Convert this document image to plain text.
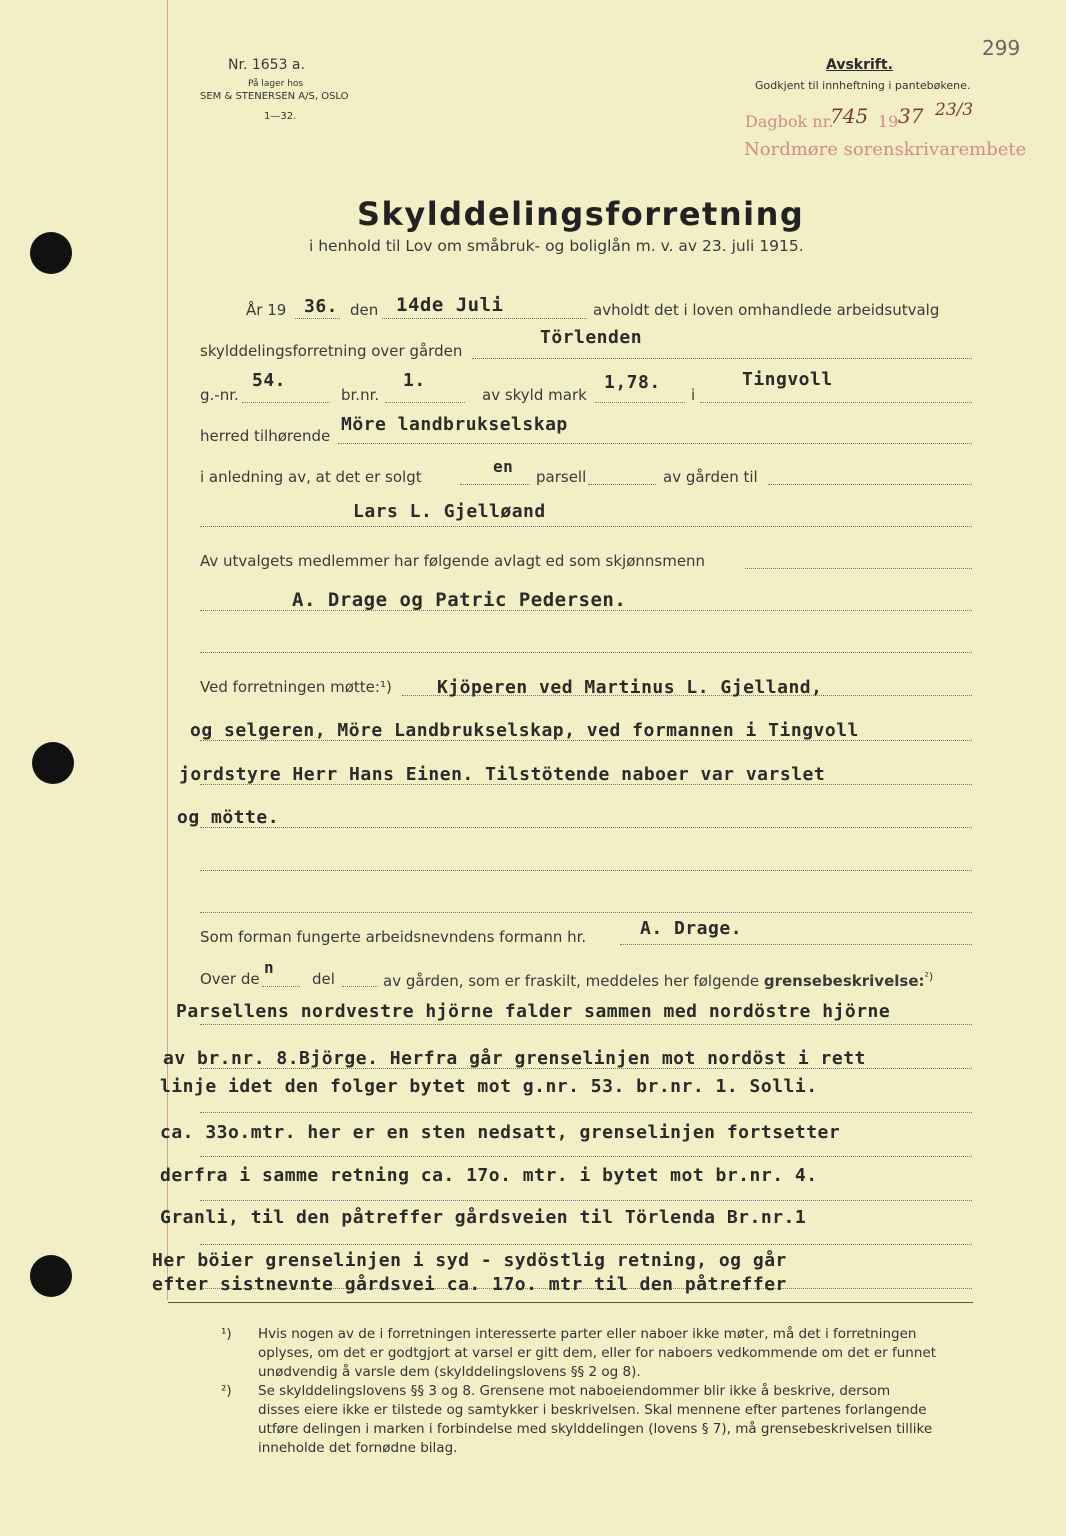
Nr. 1653 a.
På lager hos
SEM & STENERSEN A/S, OSLO
1—32.
Avskrift.
Godkjent til innheftning i pantebøkene.
299
Dagbok nr.
745 19 37 23/3
Nordmøre sorenskrivarembete
Skylddelingsforretning
i henhold til Lov om småbruk- og boliglån m. v. av 23. juli 1915.
År 19 36. den 14de Juli	avholdt det i loven omhandlede arbeidsutvalg
skylddelingsforretning over gården
Törlenden
g.-nr.
54.
br.nr.
1.
av skyld mark
1,78.
i
Tingvoll
herred tilhørende
Möre landbrukselskap
i anledning av, at det er solgt
en
parsell	av gården til
Lars L. Gjelløand
Av utvalgets medlemmer har følgende avlagt ed som skjønnsmenn
A. Drage og Patric Pedersen.
Ved forretningen møtte:¹)	Kjöperen ved Martinus L. Gjelland,
og selgeren, Möre Landbrukselskap, ved formannen i Tingvoll
jordstyre Herr Hans Einen. Tilstötende naboer var varslet
og mötte.
Som forman fungerte arbeidsnevndens formann hr.	A. Drage.
Over de
n
del	av gården, som er fraskilt, meddeles her følgende grensebeskrivelse:$^{^2)}$
Parsellens nordvestre hjörne falder sammen med nordöstre hjörne
av br.nr. 8.Björge. Herfra går grenselinjen mot nordöst i rett
linje idet den folger bytet mot g.nr. 53. br.nr. 1. Solli.
ca. 33o.mtr. her er en sten nedsatt, grenselinjen fortsetter
derfra i samme retning ca. 17o. mtr. i bytet mot br.nr. 4.
Granli, til den påtreffer gårdsveien til Törlenda Br.nr.1
Her böier grenselinjen i syd - sydöstlig retning, og går
efter sistnevnte gårdsvei ca. 17o. mtr til den påtreffer
¹) Hvis nogen av de i forretningen interesserte parter eller naboer ikke møter, må det i forretningen
oplyses, om det er godtgjort at varsel er gitt dem, eller for naboers vedkommende om det er funnet
unødvendig å varsle dem (skylddelingslovens §§ 2 og 8).
²) Se skylddelingslovens §§ 3 og 8. Grensene mot naboeiendommer blir ikke å beskrive, dersom
disses eiere ikke er tilstede og samtykker i beskrivelsen. Skal mennene efter partenes forlangende
utføre delingen i marken i forbindelse med skylddelingen (lovens § 7), må grensebeskrivelsen tillike
inneholde det fornødne bilag.
